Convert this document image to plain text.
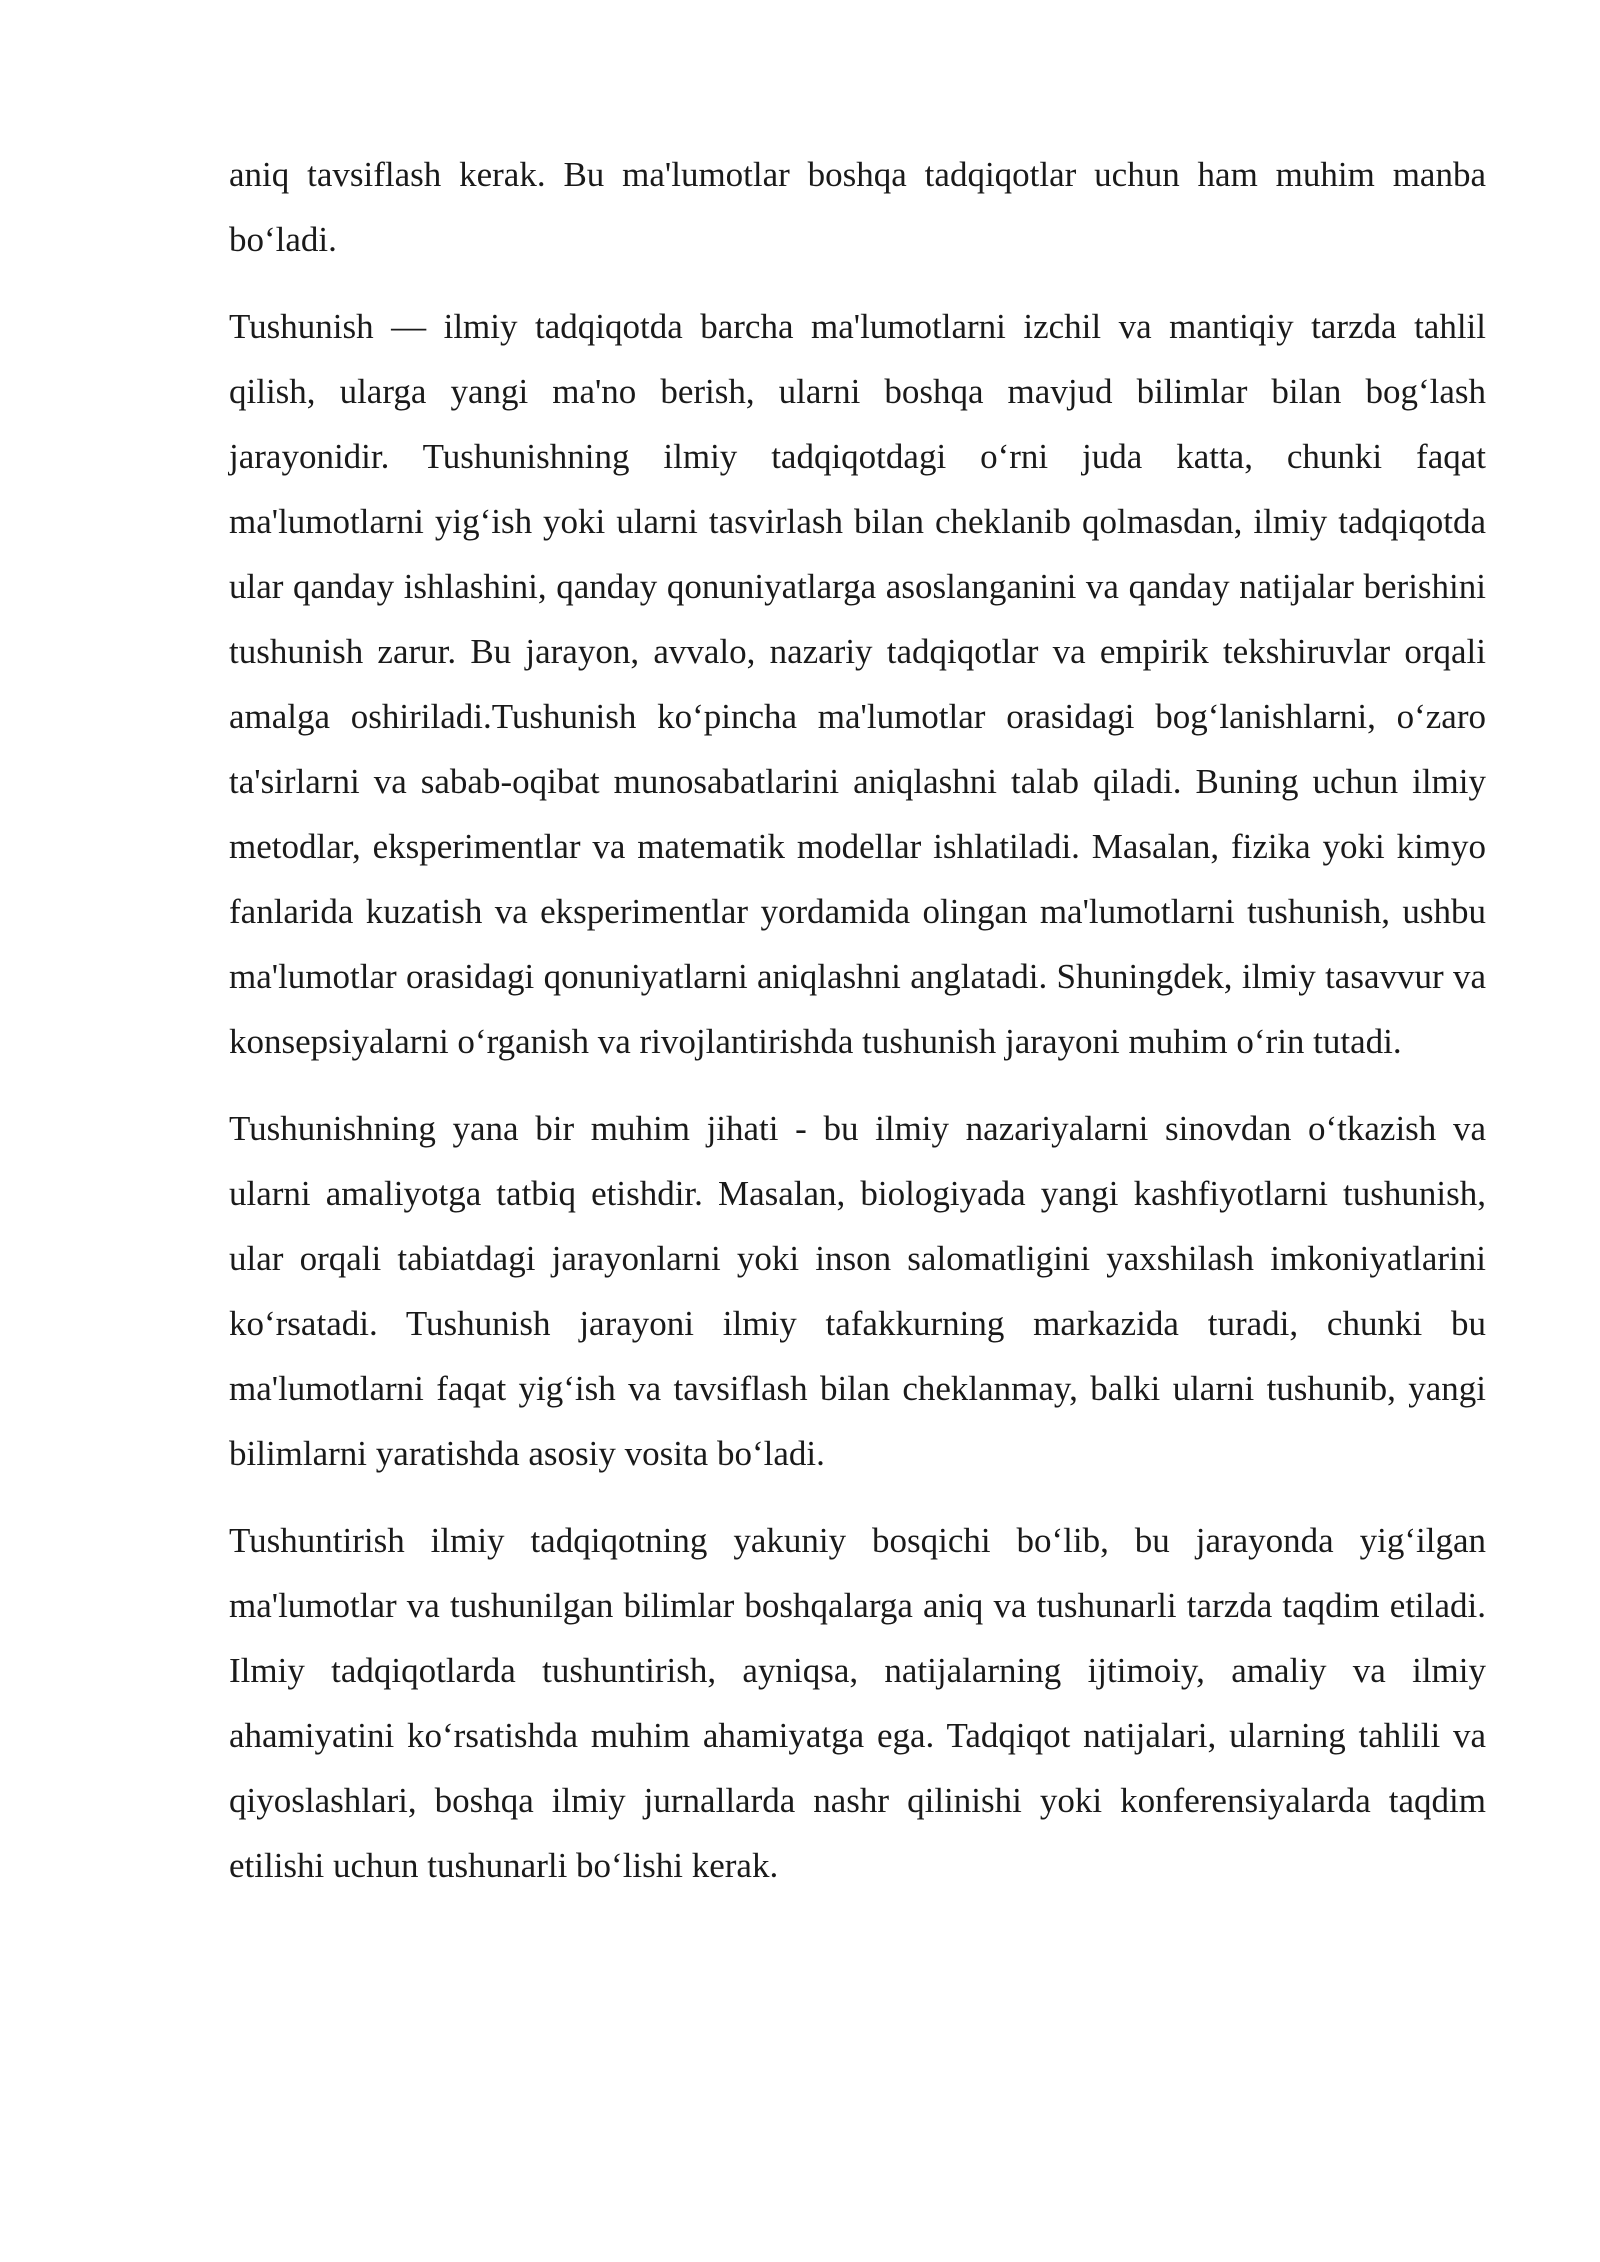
aniq tavsiflash kerak. Bu ma'lumotlar boshqa tadqiqotlar uchun ham muhim manba bo‘ladi.

Tushunish — ilmiy tadqiqotda barcha ma'lumotlarni izchil va mantiqiy tarzda tahlil qilish, ularga yangi ma'no berish, ularni boshqa mavjud bilimlar bilan bog‘lash jarayonidir. Tushunishning ilmiy tadqiqotdagi o‘rni juda katta, chunki faqat ma'lumotlarni yig‘ish yoki ularni tasvirlash bilan cheklanib qolmasdan, ilmiy tadqiqotda ular qanday ishlashini, qanday qonuniyatlarga asoslanganini va qanday natijalar berishini tushunish zarur. Bu jarayon, avvalo, nazariy tadqiqotlar va empirik tekshiruvlar orqali amalga oshiriladi.Tushunish ko‘pincha ma'lumotlar orasidagi bog‘lanishlarni, o‘zaro ta'sirlarni va sabab-oqibat munosabatlarini aniqlashni talab qiladi. Buning uchun ilmiy metodlar, eksperimentlar va matematik modellar ishlatiladi. Masalan, fizika yoki kimyo fanlarida kuzatish va eksperimentlar yordamida olingan ma'lumotlarni tushunish, ushbu ma'lumotlar orasidagi qonuniyatlarni aniqlashni anglatadi. Shuningdek, ilmiy tasavvur va konsepsiyalarni o‘rganish va rivojlantirishda tushunish jarayoni muhim o‘rin tutadi.

Tushunishning yana bir muhim jihati - bu ilmiy nazariyalarni sinovdan o‘tkazish va ularni amaliyotga tatbiq etishdir. Masalan, biologiyada yangi kashfiyotlarni tushunish, ular orqali tabiatdagi jarayonlarni yoki inson salomatligini yaxshilash imkoniyatlarini ko‘rsatadi. Tushunish jarayoni ilmiy tafakkurning markazida turadi, chunki bu ma'lumotlarni faqat yig‘ish va tavsiflash bilan cheklanmay, balki ularni tushunib, yangi bilimlarni yaratishda asosiy vosita bo‘ladi.

Tushuntirish ilmiy tadqiqotning yakuniy bosqichi bo‘lib, bu jarayonda yig‘ilgan ma'lumotlar va tushunilgan bilimlar boshqalarga aniq va tushunarli tarzda taqdim etiladi. Ilmiy tadqiqotlarda tushuntirish, ayniqsa, natijalarning ijtimoiy, amaliy va ilmiy ahamiyatini ko‘rsatishda muhim ahamiyatga ega. Tadqiqot natijalari, ularning tahlili va qiyoslashlari, boshqa ilmiy jurnallarda nashr qilinishi yoki konferensiyalarda taqdim etilishi uchun tushunarli bo‘lishi kerak.
